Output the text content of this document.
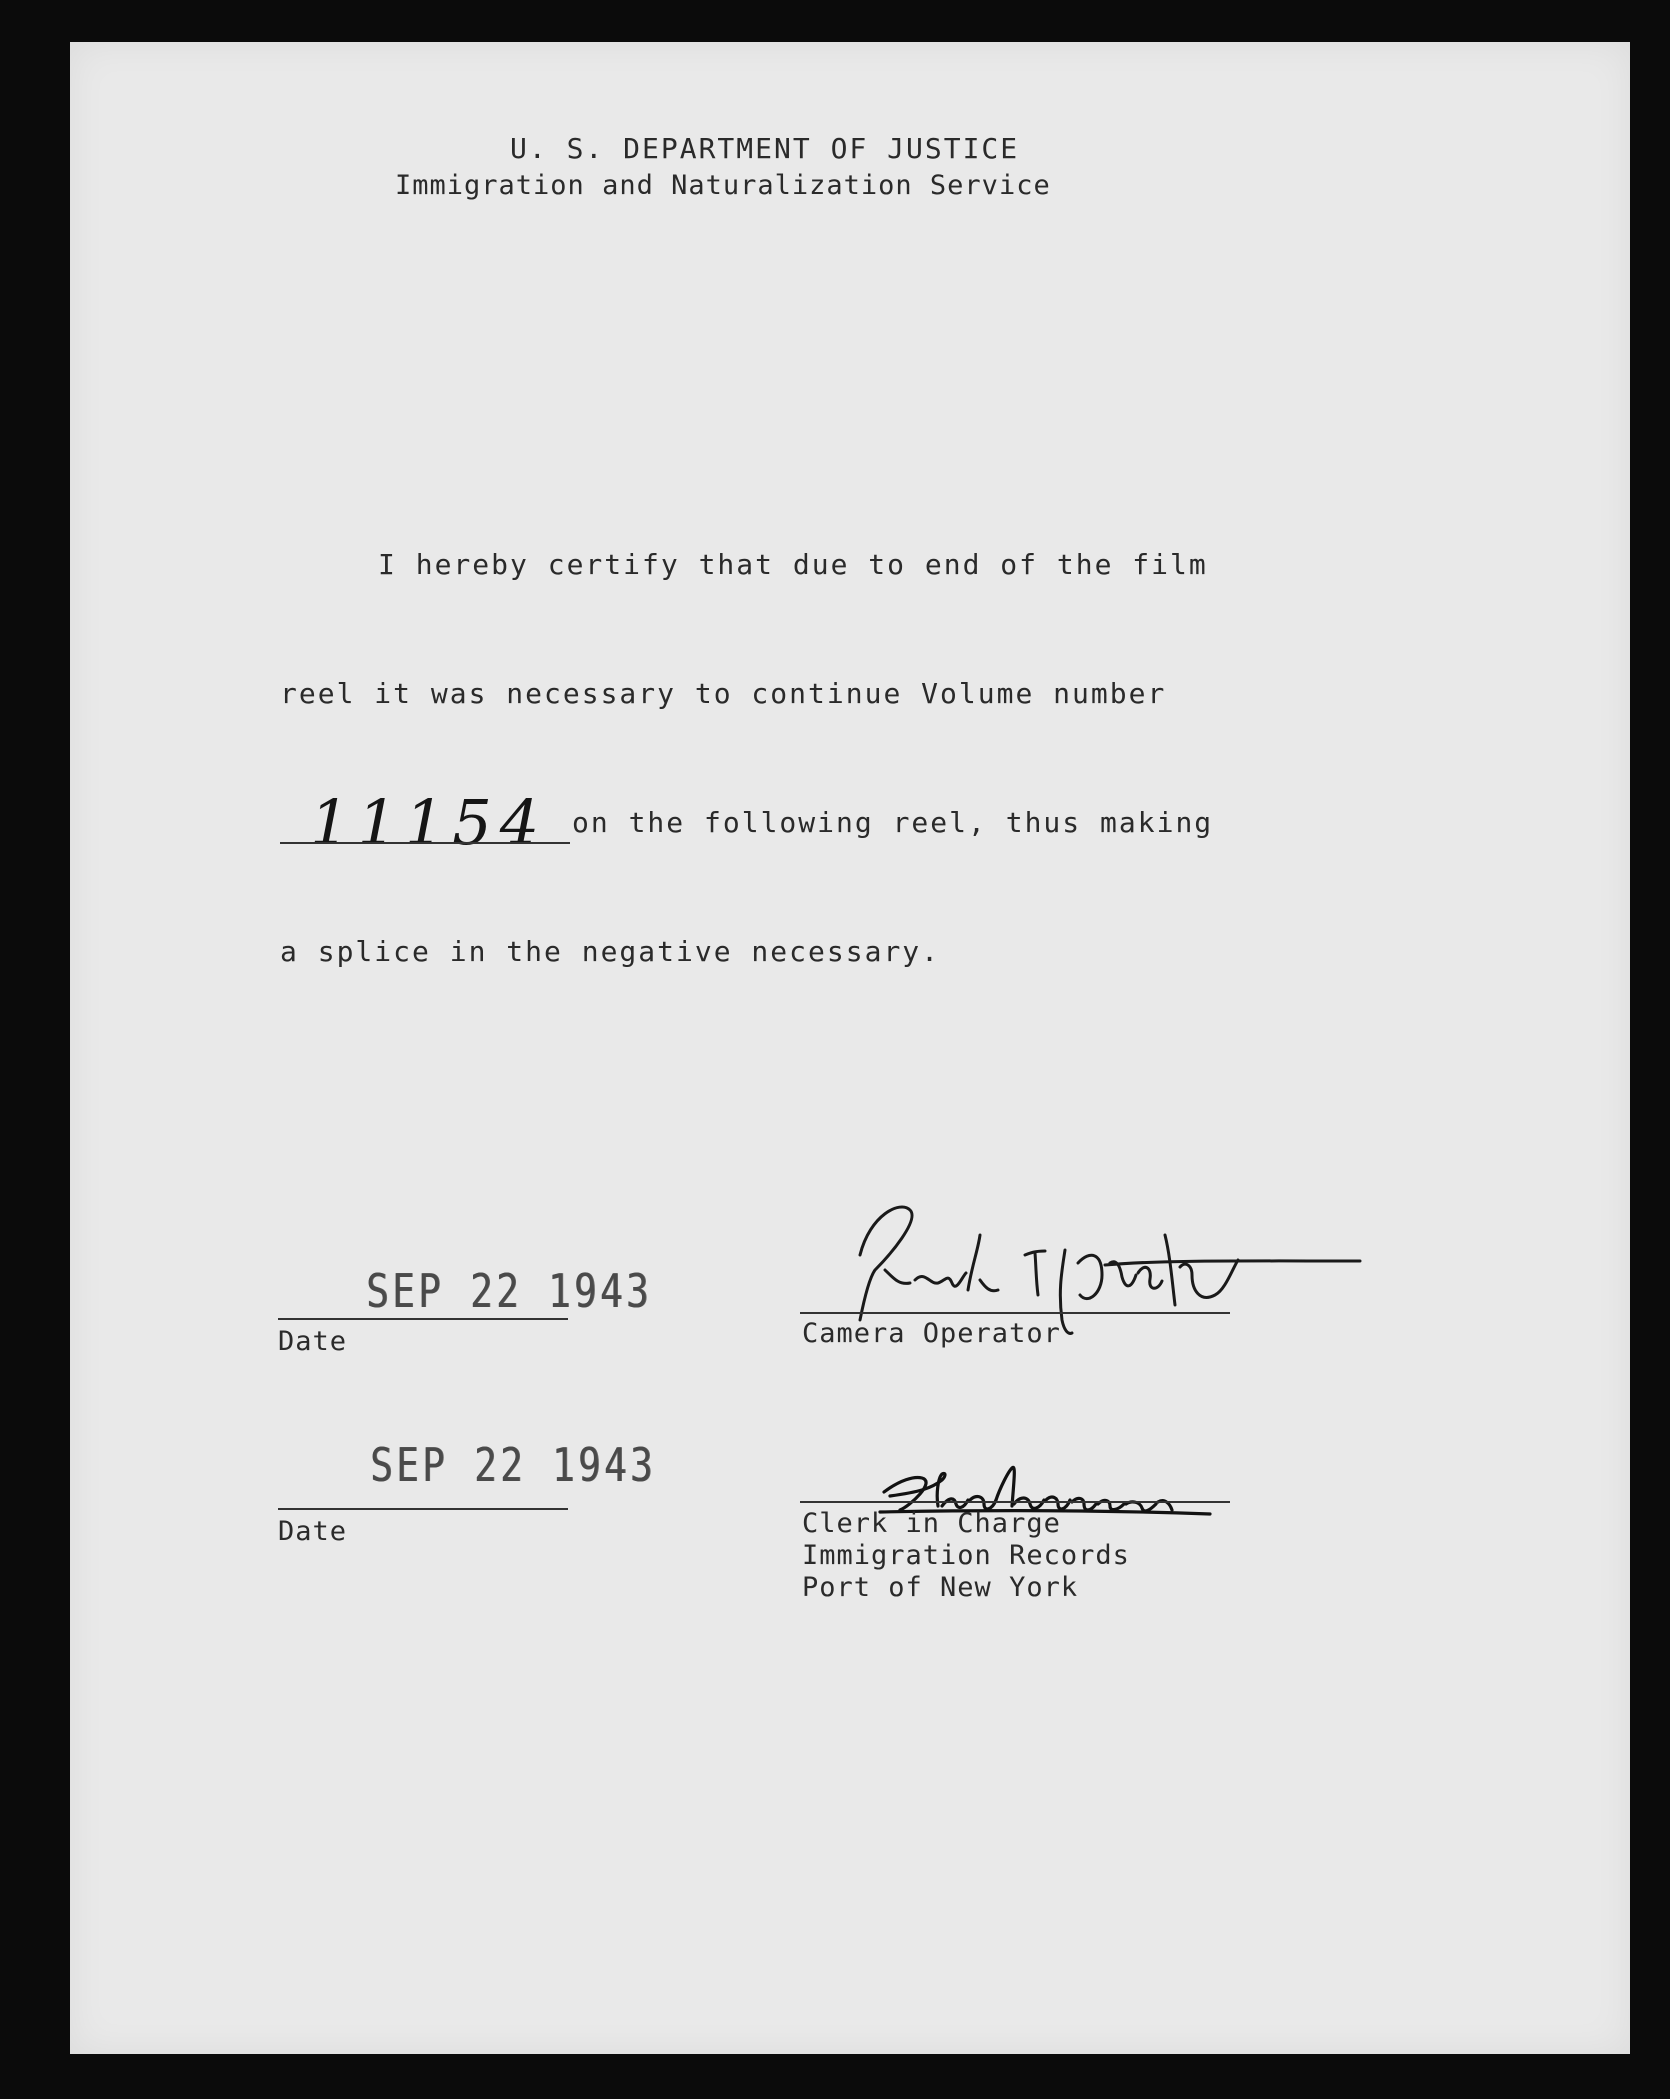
U. S. DEPARTMENT OF JUSTICE
Immigration and Naturalization Service
I hereby certify that due to end of the film
reel it was necessary to continue Volume number
11154 on the following reel, thus making
a splice in the negative necessary.
SEP 22 1943
Date
SEP 22 1943
Date
Camera Operator
Clerk in Charge
Immigration Records
Port of New York
